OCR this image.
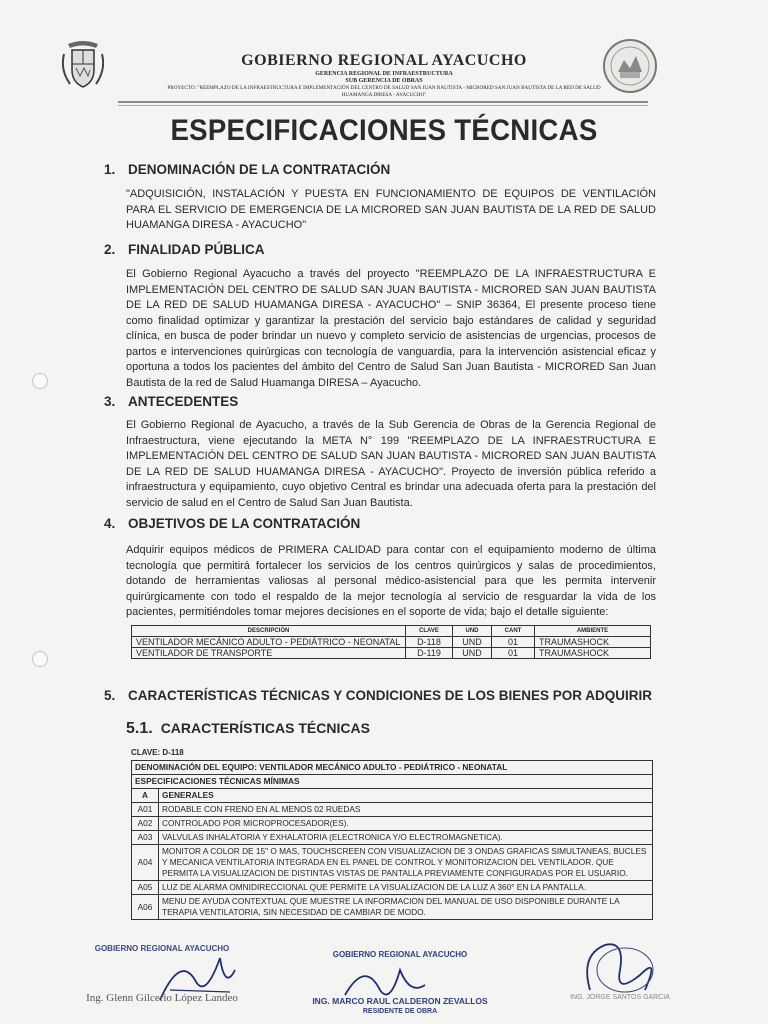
GOBIERNO REGIONAL AYACUCHO
GERENCIA REGIONAL DE INFRAESTRUCTURA
SUB GERENCIA DE OBRAS
PROYECTO: "REEMPLAZO DE LA INFRAESTRUCTURA E IMPLEMENTACIÓN DEL CENTRO DE SALUD SAN JUAN BAUTISTA - MICRORED SAN JUAN BAUTISTA DE LA RED DE SALUD
HUAMANGA DIRESA - AYACUCHO"
ESPECIFICACIONES TÉCNICAS
1. DENOMINACIÓN DE LA CONTRATACIÓN
"ADQUISICIÓN, INSTALACIÓN Y PUESTA EN FUNCIONAMIENTO DE EQUIPOS DE VENTILACIÓN PARA EL SERVICIO DE EMERGENCIA DE LA MICRORED SAN JUAN BAUTISTA DE LA RED DE SALUD HUAMANGA DIRESA - AYACUCHO"
2. FINALIDAD PÚBLICA
El Gobierno Regional Ayacucho a través del proyecto "REEMPLAZO DE LA INFRAESTRUCTURA E IMPLEMENTACIÓN DEL CENTRO DE SALUD SAN JUAN BAUTISTA - MICRORED SAN JUAN BAUTISTA DE LA RED DE SALUD HUAMANGA DIRESA - AYACUCHO" – SNIP 36364, El presente proceso tiene como finalidad optimizar y garantizar la prestación del servicio bajo estándares de calidad y seguridad clínica, en busca de poder brindar un nuevo y completo servicio de asistencias de urgencias, procesos de partos e intervenciones quirúrgicas con tecnología de vanguardia, para la intervención asistencial eficaz y oportuna a todos los pacientes del ámbito del Centro de Salud San Juan Bautista - MICRORED San Juan Bautista de la red de Salud Huamanga DIRESA – Ayacucho.
3. ANTECEDENTES
El Gobierno Regional de Ayacucho, a través de la Sub Gerencia de Obras de la Gerencia Regional de Infraestructura, viene ejecutando la META N° 199 "REEMPLAZO DE LA INFRAESTRUCTURA E IMPLEMENTACIÓN DEL CENTRO DE SALUD SAN JUAN BAUTISTA - MICRORED SAN JUAN BAUTISTA DE LA RED DE SALUD HUAMANGA DIRESA - AYACUCHO". Proyecto de inversión pública referido a infraestructura y equipamiento, cuyo objetivo Central es brindar una adecuada oferta para la prestación del servicio de salud en el Centro de Salud San Juan Bautista.
4. OBJETIVOS DE LA CONTRATACIÓN
Adquirir equipos médicos de PRIMERA CALIDAD para contar con el equipamiento moderno de última tecnología que permitirá fortalecer los servicios de los centros quirúrgicos y salas de procedimientos, dotando de herramientas valiosas al personal médico-asistencial para que les permita intervenir quirúrgicamente con todo el respaldo de la mejor tecnología al servicio de resguardar la vida de los pacientes, permitiéndoles tomar mejores decisiones en el soporte de vida; bajo el detalle siguiente:
DESCRIPCIÓN	CLAVE	UND	CANT	AMBIENTE
VENTILADOR MECÁNICO ADULTO - PEDIÁTRICO - NEONATAL	D-118	UND	01	TRAUMASHOCK
VENTILADOR DE TRANSPORTE	D-119	UND	01	TRAUMASHOCK
5. CARACTERÍSTICAS TÉCNICAS Y CONDICIONES DE LOS BIENES POR ADQUIRIR
5.1. CARACTERÍSTICAS TÉCNICAS
CLAVE: D-118
DENOMINACIÓN DEL EQUIPO: VENTILADOR MECÁNICO ADULTO - PEDIÁTRICO - NEONATAL	
ESPECIFICACIONES TÉCNICAS MÍNIMAS	
A	GENERALES
A01	RODABLE CON FRENO EN AL MENOS 02 RUEDAS
A02	CONTROLADO POR MICROPROCESADOR(ES).
A03	VALVULAS INHALATORIA Y EXHALATORIA (ELECTRONICA Y/O ELECTROMAGNETICA).
A04	MONITOR A COLOR DE 15" O MAS, TOUCHSCREEN CON VISUALIZACION DE 3 ONDAS GRAFICAS SIMULTANEAS, BUCLES Y MECANICA VENTILATORIA INTEGRADA EN EL PANEL DE CONTROL Y MONITORIZACION DEL VENTILADOR. QUE PERMITA LA VISUALIZACION DE DISTINTAS VISTAS DE PANTALLA PREVIAMENTE CONFIGURADAS POR EL USUARIO.
A05	LUZ DE ALARMA OMNIDIRECCIONAL QUE PERMITE LA VISUALIZACION DE LA LUZ A 360° EN LA PANTALLA.
A06	MENU DE AYUDA CONTEXTUAL QUE MUESTRE LA INFORMACION DEL MANUAL DE USO DISPONIBLE DURANTE LA TERAPIA VENTILATORIA, SIN NECESIDAD DE CAMBIAR DE MODO.
GOBIERNO REGIONAL AYACUCHO
Ing. Glenn Gilcerio López Landeo
GOBIERNO REGIONAL AYACUCHO
ING. MARCO RAUL CALDERON ZEVALLOS
RESIDENTE DE OBRA
ING. JORGE SANTOS GARCIA
